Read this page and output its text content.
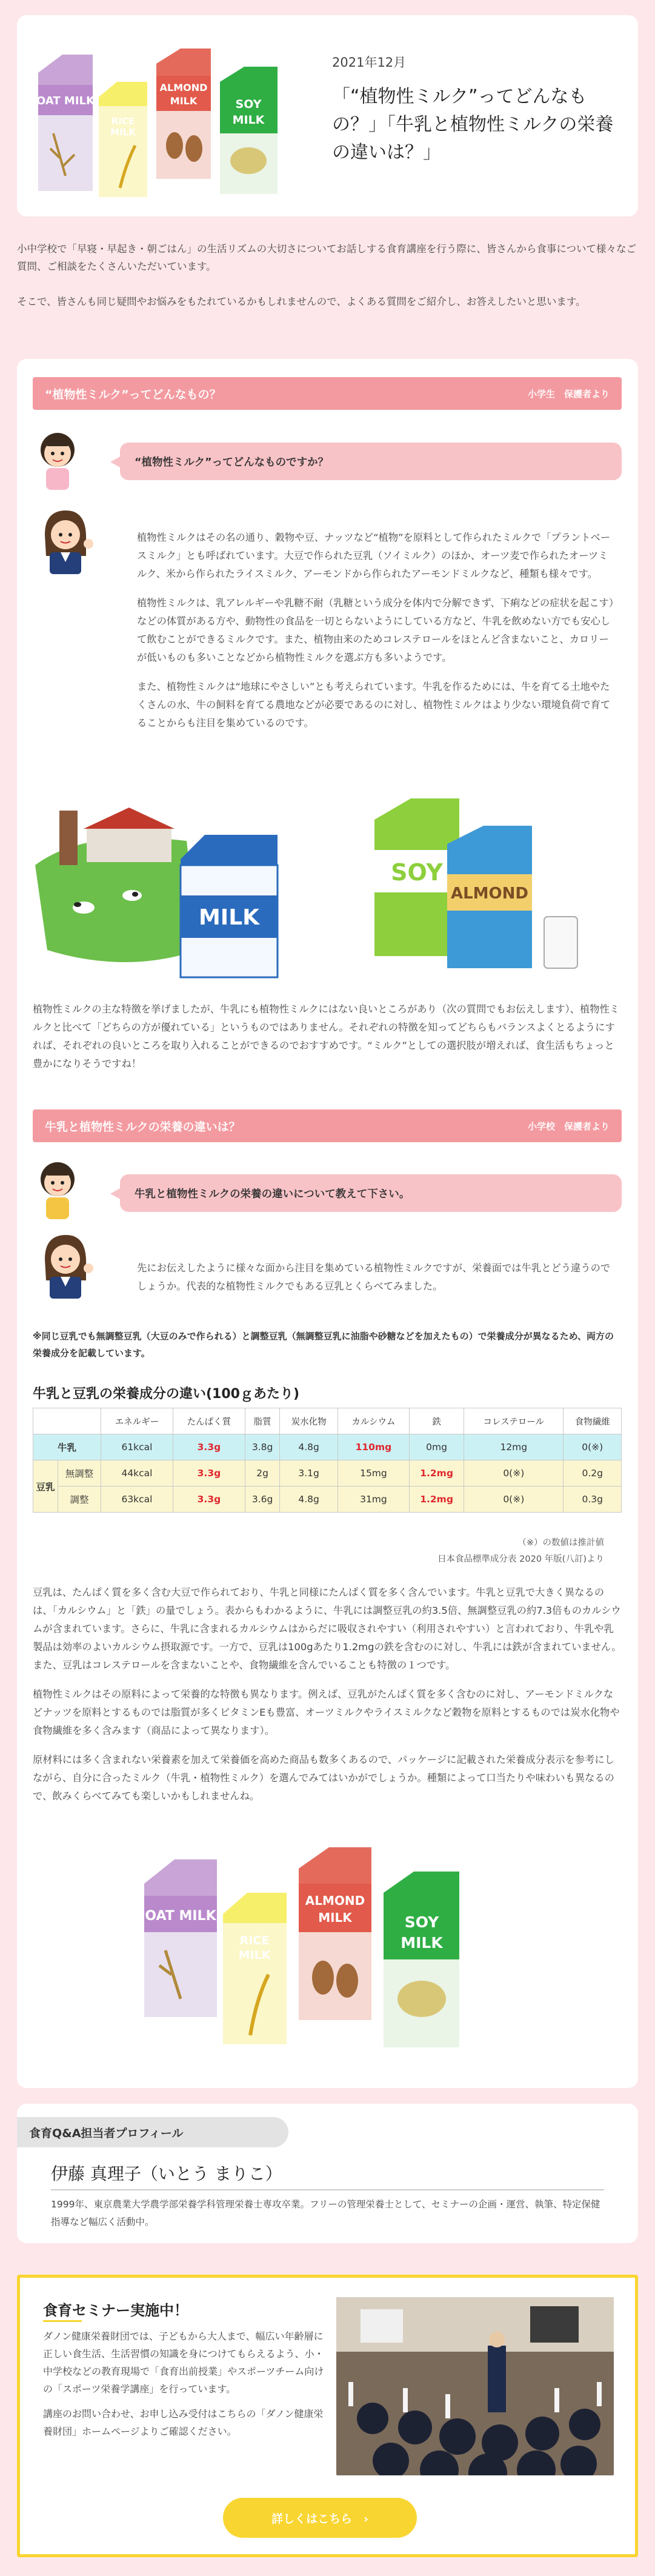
OAT MILK
RICE
MILK
ALMOND
MILK	SOY
MILK
2021年12月
「“植物性ミルク”ってどんなもの？」「牛乳と植物性ミルクの栄養の違いは？」

小中学校で「早寝・早起き・朝ごはん」の生活リズムの大切さについてお話しする食育講座を行う際に、皆さんから食事について様々なご質問、ご相談をたくさんいただいています。

そこで、皆さんも同じ疑問やお悩みをもたれているかもしれませんので、よくある質問をご紹介し、お答えしたいと思います。

“植物性ミルク”ってどんなもの？	小学生　保護者より
“植物性ミルク”ってどんなものですか？

植物性ミルクはその名の通り、穀物や豆、ナッツなど“植物”を原料として作られたミルクで「プラントベースミルク」とも呼ばれています。大豆で作られた豆乳（ソイミルク）のほか、オーツ麦で作られたオーツミルク、米から作られたライスミルク、アーモンドから作られたアーモンドミルクなど、種類も様々です。

植物性ミルクは、乳アレルギーや乳糖不耐（乳糖という成分を体内で分解できず、下痢などの症状を起こす）などの体質がある方や、動物性の食品を一切とらないようにしている方など、牛乳を飲めない方でも安心して飲むことができるミルクです。また、植物由来のためコレステロールをほとんど含まないこと、カロリーが低いものも多いことなどから植物性ミルクを選ぶ方も多いようです。

また、植物性ミルクは“地球にやさしい”とも考えられています。牛乳を作るためには、牛を育てる土地やたくさんの水、牛の飼料を育てる農地などが必要であるのに対し、植物性ミルクはより少ない環境負荷で育てることからも注目を集めているのです。

MILK
SOY
ALMOND
植物性ミルクの主な特徴を挙げましたが、牛乳にも植物性ミルクにはない良いところがあり（次の質問でもお伝えします）、植物性ミルクと比べて「どちらの方が優れている」というものではありません。それぞれの特徴を知ってどちらもバランスよくとるようにすれば、それぞれの良いところを取り入れることができるのでおすすめです。“ミルク”としての選択肢が増えれば、食生活もちょっと豊かになりそうですね！
牛乳と植物性ミルクの栄養の違いは？	小学校　保護者より
牛乳と植物性ミルクの栄養の違いについて教えて下さい。
先にお伝えしたように様々な面から注目を集めている植物性ミルクですが、栄養面では牛乳とどう違うのでしょうか。代表的な植物性ミルクでもある豆乳とくらべてみました。
※同じ豆乳でも無調整豆乳（大豆のみで作られる）と調整豆乳（無調整豆乳に油脂や砂糖などを加えたもの）で栄養成分が異なるため、両方の栄養成分を記載しています。
牛乳と豆乳の栄養成分の違い(100ｇあたり)
		エネルギー	たんぱく質	脂質	炭水化物	カルシウム	鉄	コレステロール	食物繊維
牛乳		61kcal	3.3g	3.8g	4.8g	110mg	0mg	12mg	0(※)
豆乳	無調整	44kcal	3.3g	2g	3.1g	15mg	1.2mg	0(※)	0.2g
	調整	63kcal	3.3g	3.6g	4.8g	31mg	1.2mg	0(※)	0.3g
（※）の数値は推計値
日本食品標準成分表 2020 年版(八訂)より

豆乳は、たんぱく質を多く含む大豆で作られており、牛乳と同様にたんぱく質を多く含んでいます。牛乳と豆乳で大きく異なるのは、「カルシウム」と「鉄」の量でしょう。表からもわかるように、牛乳には調整豆乳の約3.5倍、無調整豆乳の約7.3倍ものカルシウムが含まれています。さらに、牛乳に含まれるカルシウムはからだに吸収されやすい（利用されやすい）と言われており、牛乳や乳製品は効率のよいカルシウム摂取源です。一方で、豆乳は100gあたり1.2mgの鉄を含むのに対し、牛乳には鉄が含まれていません。また、豆乳はコレステロールを含まないことや、食物繊維を含んでいることも特徴の１つです。

植物性ミルクはその原料によって栄養的な特徴も異なります。例えば、豆乳がたんぱく質を多く含むのに対し、アーモンドミルクなどナッツを原料とするものでは脂質が多くビタミンEも豊富、オーツミルクやライスミルクなど穀物を原料とするものでは炭水化物や食物繊維を多く含みます（商品によって異なります）。

原材料には多く含まれない栄養素を加えて栄養価を高めた商品も数多くあるので、パッケージに記載された栄養成分表示を参考にしながら、自分に合ったミルク（牛乳・植物性ミルク）を選んでみてはいかがでしょうか。種類によって口当たりや味わいも異なるので、飲みくらべてみても楽しいかもしれませんね。

OAT MILK
RICE
MILK
ALMOND
MILK	SOY
MILK
食育Q&A担当者プロフィール
伊藤 真理子（いとう まりこ）
1999年、東京農業大学農学部栄養学科管理栄養士専攻卒業。フリーの管理栄養士として、セミナーの企画・運営、執筆、特定保健指導など幅広く活動中。
食育セミナー実施中！

ダノン健康栄養財団では、子どもから大人まで、幅広い年齢層に正しい食生活、生活習慣の知識を身につけてもらえるよう、小・中学校などの教育現場で「食育出前授業」やスポーツチーム向けの「スポーツ栄養学講座」を行っています。

講座のお問い合わせ、お申し込み受付はこちらの「ダノン健康栄養財団」ホームページよりご確認ください。

詳しくはこちら　›
